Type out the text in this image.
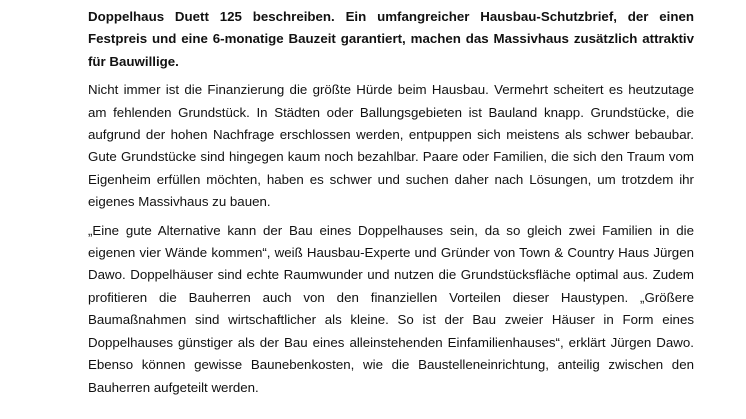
Doppelhaus Duett 125 beschreiben. Ein umfangreicher Hausbau-Schutzbrief, der einen Festpreis und eine 6-monatige Bauzeit garantiert, machen das Massivhaus zusätzlich attraktiv für Bauwillige.

Nicht immer ist die Finanzierung die größte Hürde beim Hausbau. Vermehrt scheitert es heutzutage am fehlenden Grundstück. In Städten oder Ballungsgebieten ist Bauland knapp. Grundstücke, die aufgrund der hohen Nachfrage erschlossen werden, entpuppen sich meistens als schwer bebaubar. Gute Grundstücke sind hingegen kaum noch bezahlbar. Paare oder Familien, die sich den Traum vom Eigenheim erfüllen möchten, haben es schwer und suchen daher nach Lösungen, um trotzdem ihr eigenes Massivhaus zu bauen.

„Eine gute Alternative kann der Bau eines Doppelhauses sein, da so gleich zwei Familien in die eigenen vier Wände kommen“, weiß Hausbau-Experte und Gründer von Town & Country Haus Jürgen Dawo. Doppelhäuser sind echte Raumwunder und nutzen die Grundstücksfläche optimal aus. Zudem profitieren die Bauherren auch von den finanziellen Vorteilen dieser Haustypen. „Größere Baumaßnahmen sind wirtschaftlicher als kleine. So ist der Bau zweier Häuser in Form eines Doppelhauses günstiger als der Bau eines alleinstehenden Einfamilienhauses“, erklärt Jürgen Dawo. Ebenso können gewisse Baunebenkosten, wie die Baustelleneinrichtung, anteilig zwischen den Bauherren aufgeteilt werden.
